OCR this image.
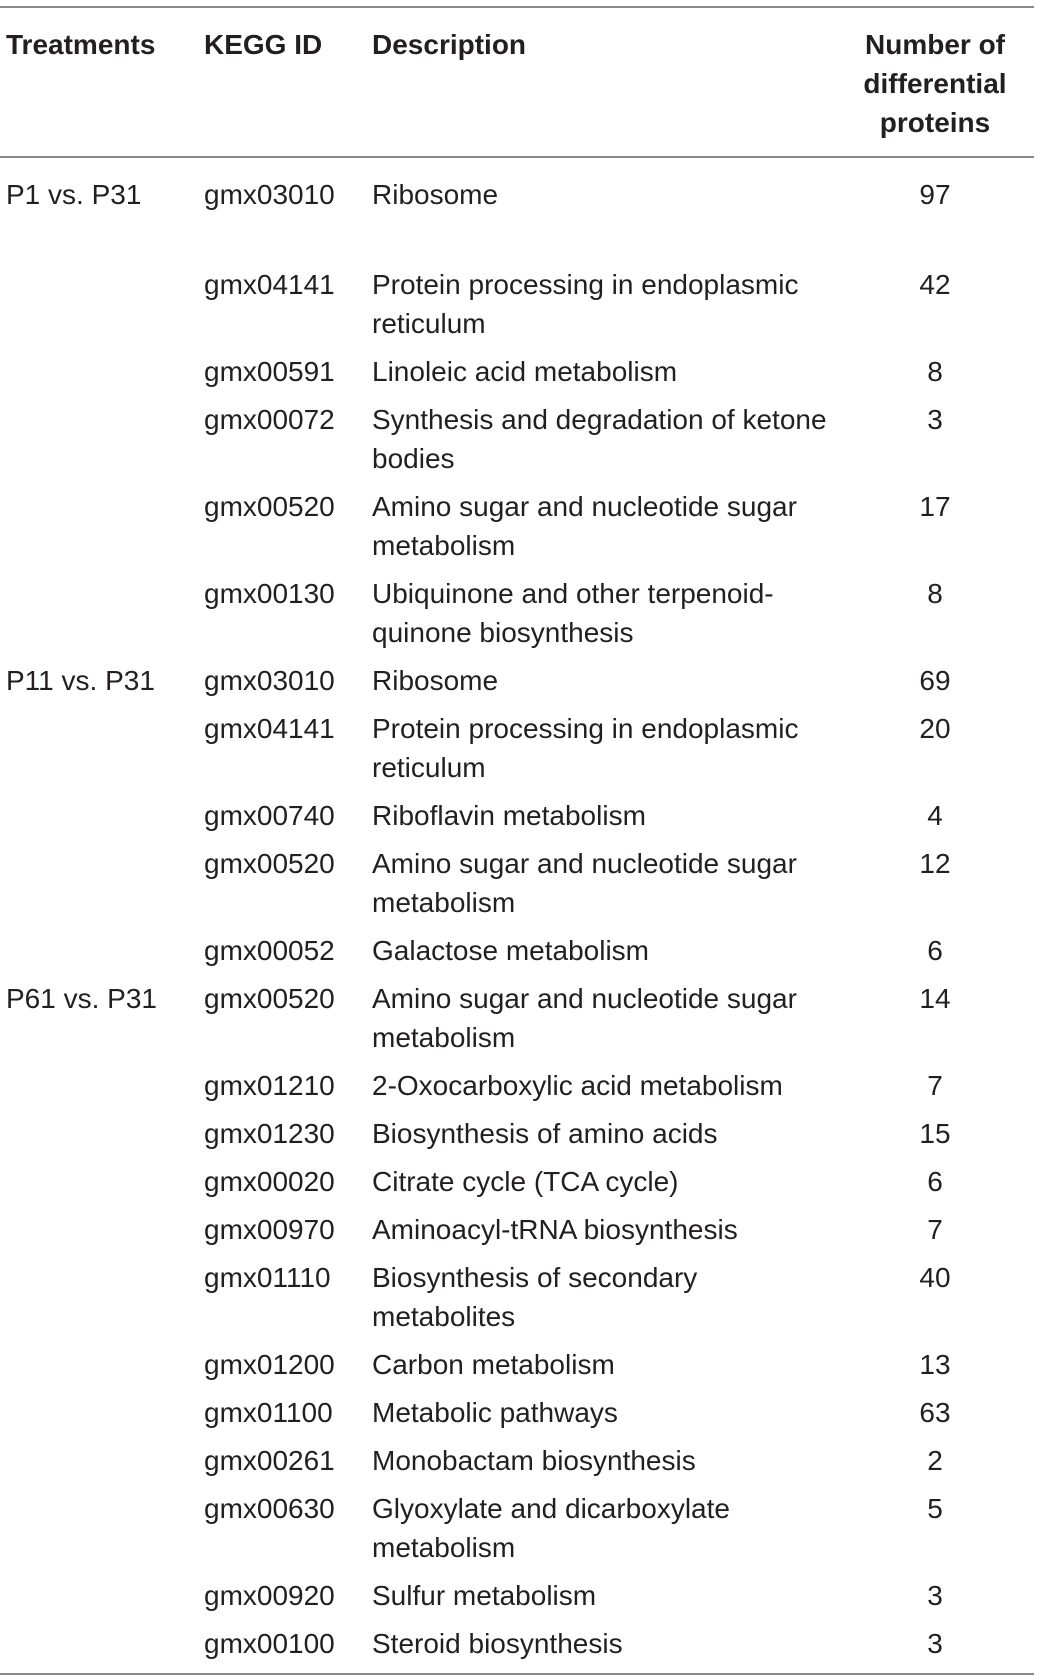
Treatments	KEGG ID	Description	Number of differential proteins
P1 vs. P31	gmx03010	Ribosome	97

	gmx04141	Protein processing in endoplasmic reticulum	42
	gmx00591	Linoleic acid metabolism	8
	gmx00072	Synthesis and degradation of ketone bodies	3
	gmx00520	Amino sugar and nucleotide sugar metabolism	17
	gmx00130	Ubiquinone and other terpenoid-quinone biosynthesis	8
P11 vs. P31	gmx03010	Ribosome	69
	gmx04141	Protein processing in endoplasmic reticulum	20
	gmx00740	Riboflavin metabolism	4
	gmx00520	Amino sugar and nucleotide sugar metabolism	12
	gmx00052	Galactose metabolism	6
P61 vs. P31	gmx00520	Amino sugar and nucleotide sugar metabolism	14
	gmx01210	2-Oxocarboxylic acid metabolism	7
	gmx01230	Biosynthesis of amino acids	15
	gmx00020	Citrate cycle (TCA cycle)	6
	gmx00970	Aminoacyl-tRNA biosynthesis	7
	gmx01110	Biosynthesis of secondary metabolites	40
	gmx01200	Carbon metabolism	13
	gmx01100	Metabolic pathways	63
	gmx00261	Monobactam biosynthesis	2
	gmx00630	Glyoxylate and dicarboxylate metabolism	5
	gmx00920	Sulfur metabolism	3
	gmx00100	Steroid biosynthesis	3
